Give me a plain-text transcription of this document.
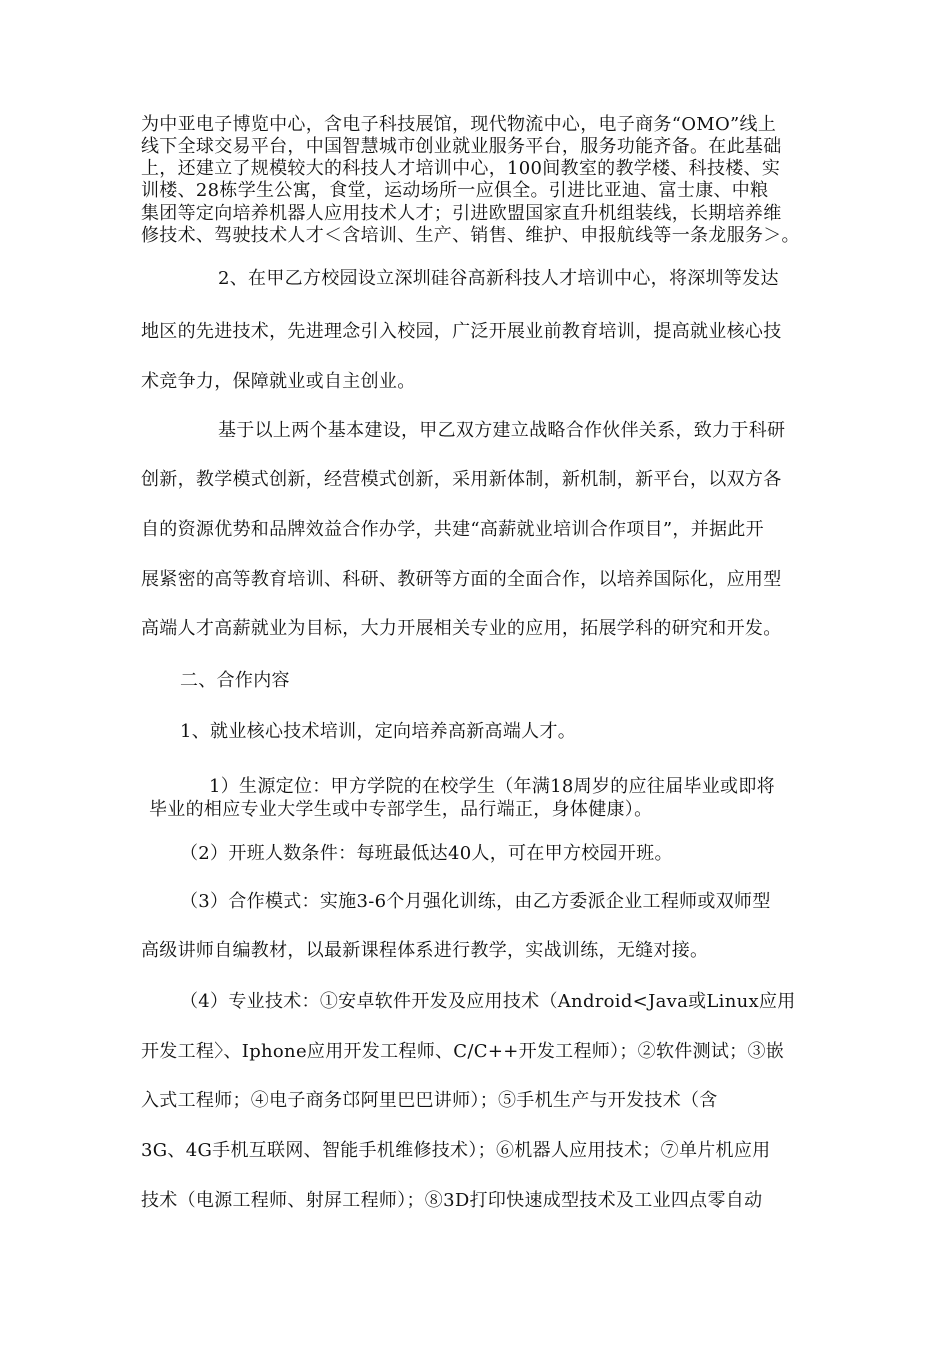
为中亚电子博览中心，含电子科技展馆，现代物流中心，电子商务“OMO”线上
线下全球交易平台，中国智慧城市创业就业服务平台，服务功能齐备。在此基础
上，还建立了规模较大的科技人才培训中心，100间教室的教学楼、科技楼、实
训楼、28栋学生公寓，食堂，运动场所一应俱全。引进比亚迪、富士康、中粮
集团等定向培养机器人应用技术人才；引进欧盟国家直升机组装线，长期培养维
修技术、驾驶技术人才＜含培训、生产、销售、维护、申报航线等一条龙服务＞。
2、在甲乙方校园设立深圳硅谷高新科技人才培训中心，将深圳等发达
地区的先进技术，先进理念引入校园，广泛开展业前教育培训，提高就业核心技
术竞争力，保障就业或自主创业。
基于以上两个基本建设，甲乙双方建立战略合作伙伴关系，致力于科研
创新，教学模式创新，经营模式创新，采用新体制，新机制，新平台，以双方各
自的资源优势和品牌效益合作办学，共建“高薪就业培训合作项目”，并据此开
展紧密的高等教育培训、科研、教研等方面的全面合作，以培养国际化，应用型
高端人才高薪就业为目标，大力开展相关专业的应用，拓展学科的研究和开发。
二、合作内容
1、就业核心技术培训，定向培养高新高端人才。
1）生源定位：甲方学院的在校学生（年满18周岁的应往届毕业或即将
毕业的相应专业大学生或中专部学生，品行端正，身体健康）。
（2）开班人数条件：每班最低达40人，可在甲方校园开班。
（3）合作模式：实施3-6个月强化训练，由乙方委派企业工程师或双师型
高级讲师自编教材，以最新课程体系进行教学，实战训练，无缝对接。
（4）专业技术：①安卓软件开发及应用技术（Android<Java或Linux应用
开发工程〉、Iphone应用开发工程师、C/C++开发工程师）；②软件测试；③嵌
入式工程师；④电子商务邙阿里巴巴讲师）；⑤手机生产与开发技术（含
3G、4G手机互联网、智能手机维修技术）；⑥机器人应用技术；⑦单片机应用
技术（电源工程师、射屏工程师）；⑧3D打印快速成型技术及工业四点零自动
